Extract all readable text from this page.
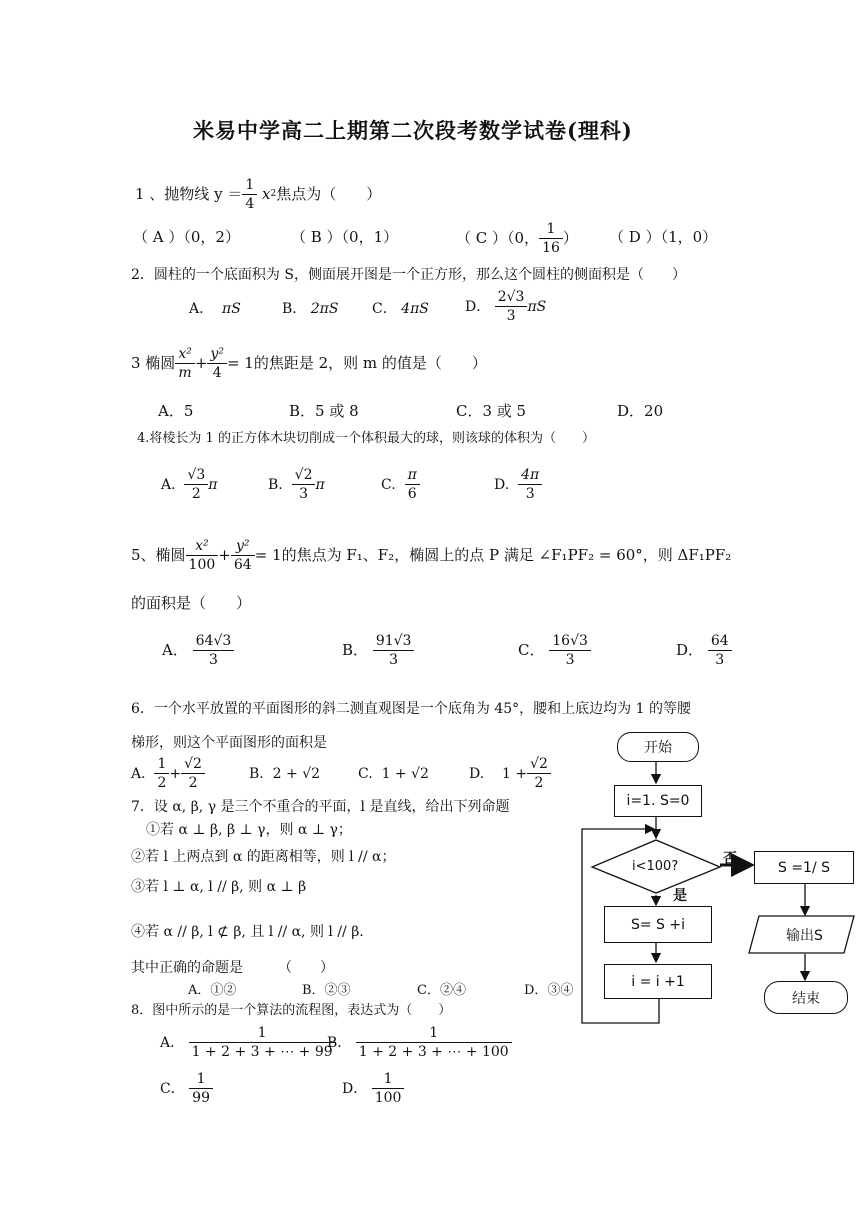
米易中学高二上期第二次段考数学试卷(理科)
1 、抛物线 y ＝ 1
4

x 2 焦点为（　　）
（ A ）（0，2）	（ B ）（0，1）	（ C ）（0， 1
16
） （ D ）（1，0）
2．圆柱的一个底面积为 S，侧面展开图是一个正方形，那么这个圆柱的侧面积是（　　）
A． πS	B． 2πS C． 4πS	D．

2√3
3
πS
3 椭圆 x²
m
+ $\frac{\text{y²}}{4} = 1$ 的焦距是 2，则 m 的值是（　　）
A．5	B．5 或 8	C．3 或 5	D．20
4.将棱长为 1 的正方体木块切削成一个体积最大的球，则该球的体积为（　　）
A.

√3
2
π	B.

√2
3
π	C.

π
6
D.

4π
3
5、椭圆 x²
100
+ $\frac{\text{y²}}{64} = 1$ 的焦点为 F₁、F₂，椭圆上的点 P 满足 ∠F₁PF₂ = 60°，则 ΔF₁PF₂
的面积是（　　）
A．
64√3
3
B．
91√3
3
C．
16√3
3
D．
64
3
6．一个水平放置的平面图形的斜二测直观图是一个底角为 45°，腰和上底边均为 1 的等腰
梯形，则这个平面图形的面积是
A.

1
2
+ $\frac{√2}{2}$	B. 2 + √2	C. 1 + √2	D.
$1 + \frac{√2}{2}$
7．设 α, β, γ 是三个不重合的平面，l 是直线，给出下列命题
①若 α ⊥ β, β ⊥ γ，则 α ⊥ γ；
②若 l 上两点到 α 的距离相等，则 l // α；
③若 l ⊥ α, l // β, 则 α ⊥ β
④若 α // β, l ⊄ β, 且 l // α, 则 l // β.
其中正确的命题是　　　（　　）
A．①②	B．②③	C．②④	D．③④
8．图中所示的是一个算法的流程图，表达式为（　　）
A．

1
1 + 2 + 3 + ⋯ + 99
B．

1
1 + 2 + 3 + ⋯ + 100
C．

1
99
D．

1
100
开始
i=1. S=0
i<100?
是
否
S= S +i
i = i +1
S =1/ S
输出S
结束
